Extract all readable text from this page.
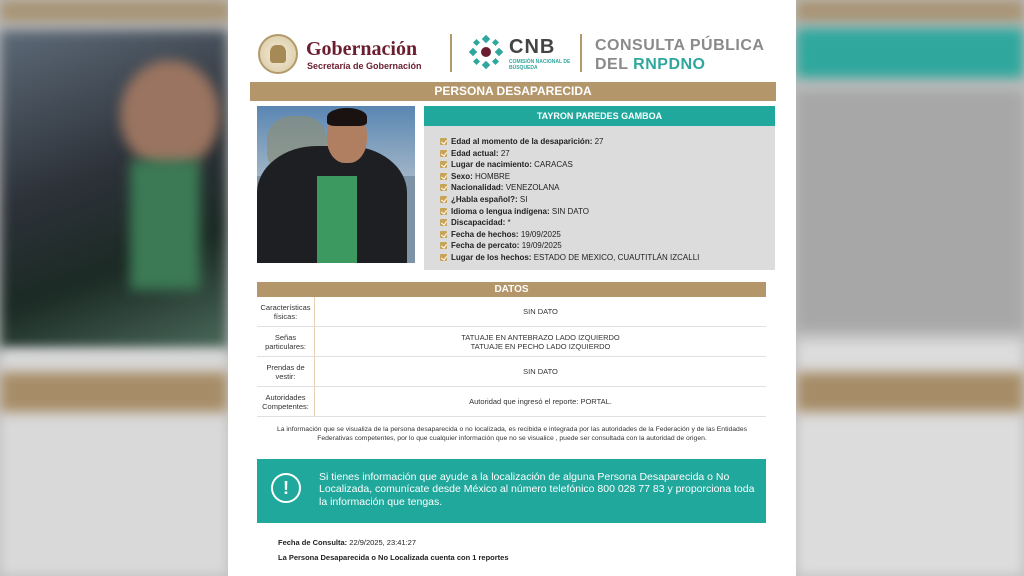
Gobernación
Secretaría de Gobernación
CNB
COMISIÓN NACIONAL DE BÚSQUEDA
CONSULTA PÚBLICA
DEL RNPDNO
PERSONA DESAPARECIDA
TAYRON PAREDES GAMBOA
Edad al momento de la desaparición: 27
Edad actual: 27
Lugar de nacimiento: CARACAS
Sexo: HOMBRE
Nacionalidad: VENEZOLANA
¿Habla español?: SI
Idioma o lengua indígena: SIN DATO
Discapacidad: *
Fecha de hechos: 19/09/2025
Fecha de percato: 19/09/2025
Lugar de los hechos: ESTADO DE MEXICO, CUAUTITLÁN IZCALLI
DATOS
Características físicas:	SIN DATO
Señas particulares:
TATUAJE EN ANTEBRAZO LADO IZQUIERDO
TATUAJE EN PECHO LADO IZQUIERDO
Prendas de vestir:	SIN DATO
Autoridades Competentes:	Autoridad que ingresó el reporte: PORTAL.
La información que se visualiza de la persona desaparecida o no localizada, es recibida e integrada por las autoridades de la Federación y de las Entidades Federativas competentes, por lo que cualquier información que no se visualice , puede ser consultada con la autoridad de origen.
!
Si tienes información que ayude a la localización de alguna Persona Desaparecida o No Localizada, comunícate desde México al número telefónico 800 028 77 83 y proporciona toda la información que tengas.
Fecha de Consulta: 22/9/2025, 23:41:27
La Persona Desaparecida o No Localizada cuenta con 1 reportes
